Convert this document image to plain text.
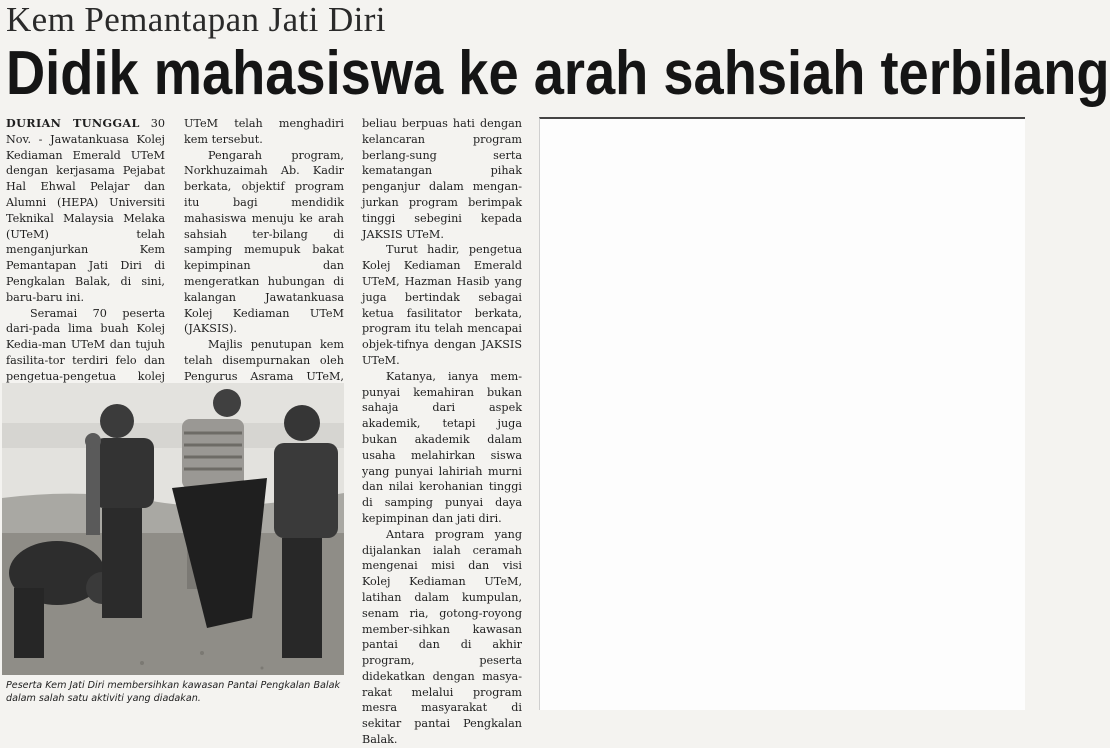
Kem Pemantapan Jati Diri
Didik mahasiswa ke arah sahsiah terbilang

DURIAN TUNGGAL 30 Nov. - Jawatankuasa Kolej Kediaman Emerald UTeM dengan kerjasama Pejabat Hal Ehwal Pelajar dan Alumni (HEPA) Universiti Teknikal Malaysia Melaka (UTeM) telah menganjurkan Kem Pemantapan Jati Diri di Pengkalan Balak, di sini, baru-baru ini.

Seramai 70 peserta dari-pada lima buah Kolej Kedia-man UTeM dan tujuh fasilita-tor terdiri felo dan pengetua-pengetua kolej

UTeM telah menghadiri kem tersebut.

Pengarah program, Norkhuzaimah Ab. Kadir berkata, objektif program itu bagi mendidik mahasiswa menuju ke arah sahsiah ter-bilang di samping memupuk bakat kepimpinan dan mengeratkan hubungan di kalangan Jawatankuasa Kolej Kediaman UTeM (JAKSIS).

Majlis penutupan kem telah disempurnakan oleh Pengurus Asrama UTeM,

beliau berpuas hati dengan kelancaran program berlang-sung serta kematangan pihak penganjur dalam mengan-jurkan program berimpak tinggi sebegini kepada JAKSIS UTeM.

Turut hadir, pengetua Kolej Kediaman Emerald UTeM, Hazman Hasib yang juga bertindak sebagai ketua fasilitator berkata, program itu telah mencapai objek-tifnya dengan JAKSIS UTeM.

Katanya, ianya mem-punyai kemahiran bukan sahaja dari aspek akademik, tetapi juga bukan akademik dalam usaha melahirkan siswa yang punyai lahiriah murni dan nilai kerohanian tinggi di samping punyai daya kepimpinan dan jati diri.

Antara program yang dijalankan ialah ceramah mengenai misi dan visi Kolej Kediaman UTeM, latihan dalam kumpulan, senam ria, gotong-royong member-sihkan kawasan pantai dan di akhir program, peserta didekatkan dengan masya-rakat melalui program mesra masyarakat di sekitar pantai Pengkalan Balak.

Peserta Kem Jati Diri membersihkan kawasan Pantai Pengkalan Balak dalam salah satu aktiviti yang diadakan.
